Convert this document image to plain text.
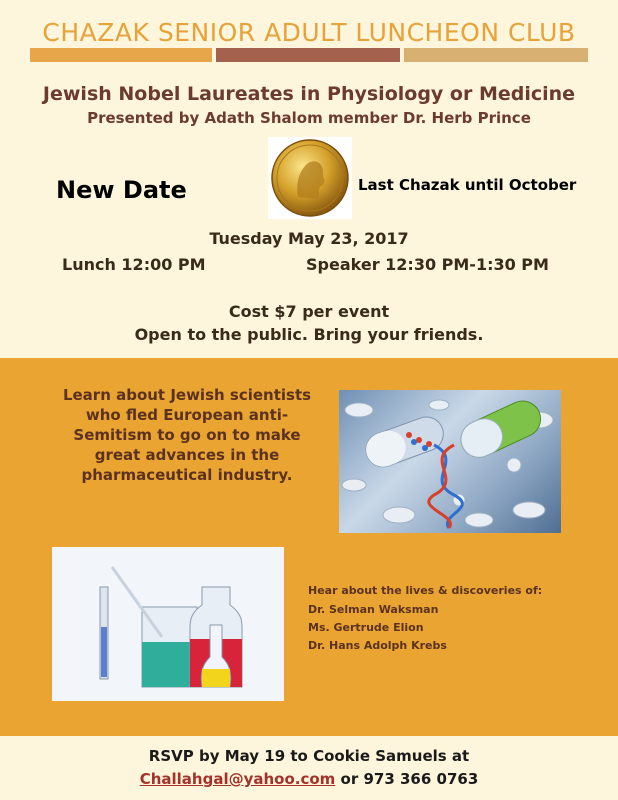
CHAZAK SENIOR ADULT LUNCHEON CLUB
Jewish Nobel Laureates in Physiology or Medicine
Presented by Adath Shalom member Dr. Herb Prince
New Date	Last Chazak until October
Tuesday May 23, 2017
Lunch 12:00 PM	Speaker 12:30 PM-1:30 PM
Cost $7 per event
Open to the public. Bring your friends.
Learn about Jewish scientists who fled European anti-Semitism to go on to make great advances in the pharmaceutical industry.
Hear about the lives & discoveries of:
Dr. Selman Waksman
Ms. Gertrude Elion
Dr. Hans Adolph Krebs
RSVP by May 19 to Cookie Samuels at
Challahgal@yahoo.com or 973 366 0763
